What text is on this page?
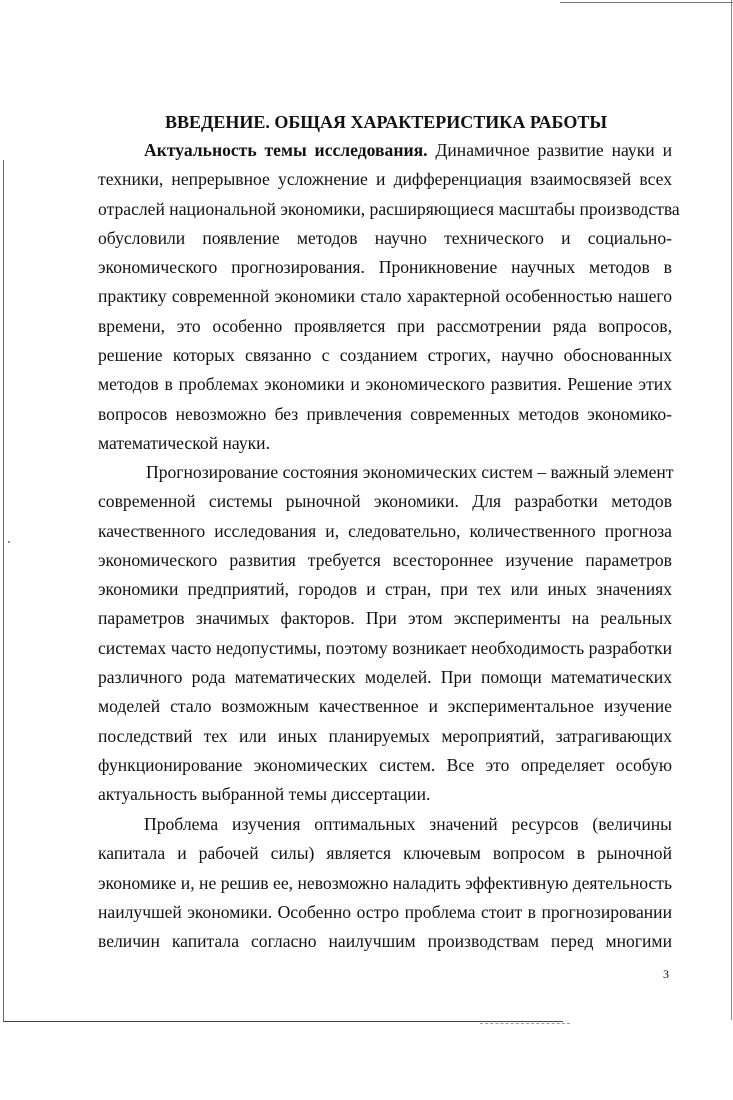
ВВЕДЕНИЕ. ОБЩАЯ ХАРАКТЕРИСТИКА РАБОТЫ
Актуальность темы исследования. Динамичное развитие науки и
техники, непрерывное усложнение и дифференциация взаимосвязей всех
отраслей национальной экономики, расширяющиеся масштабы производства
обусловили появление методов научно технического и социально-
экономического прогнозирования. Проникновение научных методов в
практику современной экономики стало характерной особенностью нашего
времени, это особенно проявляется при рассмотрении ряда вопросов,
решение которых связанно с созданием строгих, научно обоснованных
методов в проблемах экономики и экономического развития. Решение этих
вопросов невозможно без привлечения современных методов экономико-
математической науки.
Прогнозирование состояния экономических систем – важный элемент
современной системы рыночной экономики. Для разработки методов
качественного исследования и, следовательно, количественного прогноза
экономического развития требуется всестороннее изучение параметров
экономики предприятий, городов и стран, при тех или иных значениях
параметров значимых факторов. При этом эксперименты на реальных
системах часто недопустимы, поэтому возникает необходимость разработки
различного рода математических моделей. При помощи математических
моделей стало возможным качественное и экспериментальное изучение
последствий тех или иных планируемых мероприятий, затрагивающих
функционирование экономических систем. Все это определяет особую
актуальность выбранной темы диссертации.
Проблема изучения оптимальных значений ресурсов (величины
капитала и рабочей силы) является ключевым вопросом в рыночной
экономике и, не решив ее, невозможно наладить эффективную деятельность
наилучшей экономики. Особенно остро проблема стоит в прогнозировании
величин капитала согласно наилучшим производствам перед многими
3
